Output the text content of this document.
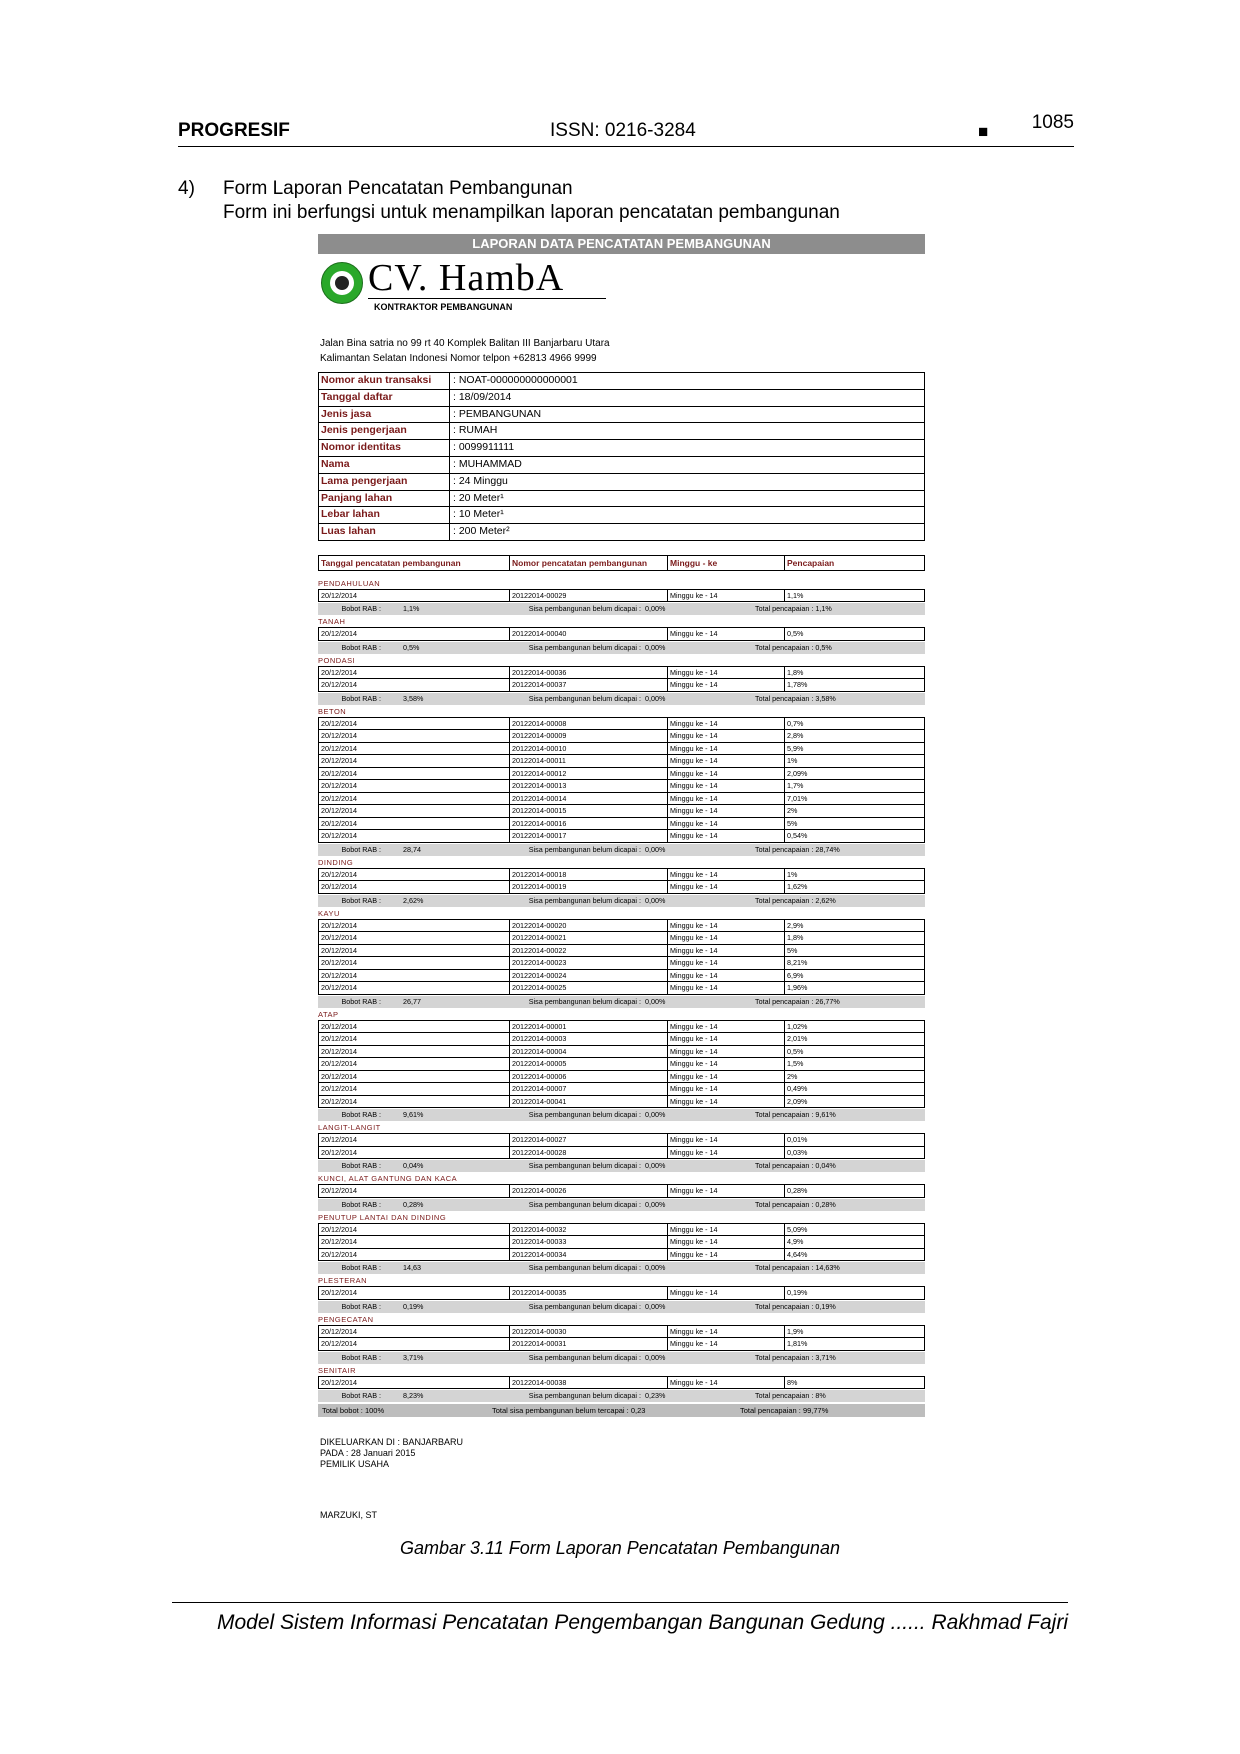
PROGRESIF	ISSN: 0216-3284	■ 1085
4) Form Laporan Pencatatan Pembangunan
Form ini berfungsi untuk menampilkan laporan pencatatan pembangunan
LAPORAN DATA PENCATATAN PEMBANGUNAN
CV. HambA
KONTRAKTOR PEMBANGUNAN
Jalan Bina satria no 99 rt 40 Komplek Balitan III Banjarbaru Utara
Kalimantan Selatan Indonesi Nomor telpon +62813 4966 9999
Nomor akun transaksi	: NOAT-000000000000001
Tanggal daftar	: 18/09/2014
Jenis jasa	: PEMBANGUNAN
Jenis pengerjaan	: RUMAH
Nomor identitas	: 0099911111
Nama	: MUHAMMAD
Lama pengerjaan	: 24 Minggu
Panjang lahan	: 20 Meter¹
Lebar lahan	: 10 Meter¹
Luas lahan	: 200 Meter²
Tanggal pencatatan pembangunan	Nomor pencatatan pembangunan	Minggu - ke	Pencapaian
PENDAHULUAN
20/12/2014	20122014-00029	Minggu ke - 14	1,1%
Bobot RAB :	1,1%	Sisa pembangunan belum dicapai : 0,00%	Total pencapaian : 1,1%
TANAH
20/12/2014	20122014-00040	Minggu ke - 14	0,5%
Bobot RAB :	0,5%	Sisa pembangunan belum dicapai : 0,00%	Total pencapaian : 0,5%
PONDASI
20/12/2014	20122014-00036	Minggu ke - 14	1,8%
20/12/2014	20122014-00037	Minggu ke - 14	1,78%
Bobot RAB :	3,58%	Sisa pembangunan belum dicapai : 0,00%	Total pencapaian : 3,58%
BETON
20/12/2014	20122014-00008	Minggu ke - 14	0,7%
20/12/2014	20122014-00009	Minggu ke - 14	2,8%
20/12/2014	20122014-00010	Minggu ke - 14	5,9%
20/12/2014	20122014-00011	Minggu ke - 14	1%
20/12/2014	20122014-00012	Minggu ke - 14	2,09%
20/12/2014	20122014-00013	Minggu ke - 14	1,7%
20/12/2014	20122014-00014	Minggu ke - 14	7,01%
20/12/2014	20122014-00015	Minggu ke - 14	2%
20/12/2014	20122014-00016	Minggu ke - 14	5%
20/12/2014	20122014-00017	Minggu ke - 14	0,54%
Bobot RAB :	28,74	Sisa pembangunan belum dicapai : 0,00%	Total pencapaian : 28,74%
DINDING
20/12/2014	20122014-00018	Minggu ke - 14	1%
20/12/2014	20122014-00019	Minggu ke - 14	1,62%
Bobot RAB :	2,62%	Sisa pembangunan belum dicapai : 0,00%	Total pencapaian : 2,62%
KAYU
20/12/2014	20122014-00020	Minggu ke - 14	2,9%
20/12/2014	20122014-00021	Minggu ke - 14	1,8%
20/12/2014	20122014-00022	Minggu ke - 14	5%
20/12/2014	20122014-00023	Minggu ke - 14	8,21%
20/12/2014	20122014-00024	Minggu ke - 14	6,9%
20/12/2014	20122014-00025	Minggu ke - 14	1,96%
Bobot RAB :	26,77	Sisa pembangunan belum dicapai : 0,00%	Total pencapaian : 26,77%
ATAP
20/12/2014	20122014-00001	Minggu ke - 14	1,02%
20/12/2014	20122014-00003	Minggu ke - 14	2,01%
20/12/2014	20122014-00004	Minggu ke - 14	0,5%
20/12/2014	20122014-00005	Minggu ke - 14	1,5%
20/12/2014	20122014-00006	Minggu ke - 14	2%
20/12/2014	20122014-00007	Minggu ke - 14	0,49%
20/12/2014	20122014-00041	Minggu ke - 14	2,09%
Bobot RAB :	9,61%	Sisa pembangunan belum dicapai : 0,00%	Total pencapaian : 9,61%
LANGIT-LANGIT
20/12/2014	20122014-00027	Minggu ke - 14	0,01%
20/12/2014	20122014-00028	Minggu ke - 14	0,03%
Bobot RAB :	0,04%	Sisa pembangunan belum dicapai : 0,00%	Total pencapaian : 0,04%
KUNCI, ALAT GANTUNG DAN KACA
20/12/2014	20122014-00026	Minggu ke - 14	0,28%
Bobot RAB :	0,28%	Sisa pembangunan belum dicapai : 0,00%	Total pencapaian : 0,28%
PENUTUP LANTAI DAN DINDING
20/12/2014	20122014-00032	Minggu ke - 14	5,09%
20/12/2014	20122014-00033	Minggu ke - 14	4,9%
20/12/2014	20122014-00034	Minggu ke - 14	4,64%
Bobot RAB :	14,63	Sisa pembangunan belum dicapai : 0,00%	Total pencapaian : 14,63%
PLESTERAN
20/12/2014	20122014-00035	Minggu ke - 14	0,19%
Bobot RAB :	0,19%	Sisa pembangunan belum dicapai : 0,00%	Total pencapaian : 0,19%
PENGECATAN
20/12/2014	20122014-00030	Minggu ke - 14	1,9%
20/12/2014	20122014-00031	Minggu ke - 14	1,81%
Bobot RAB :	3,71%	Sisa pembangunan belum dicapai : 0,00%	Total pencapaian : 3,71%
SENITAIR
20/12/2014	20122014-00038	Minggu ke - 14	8%
Bobot RAB :	8,23%	Sisa pembangunan belum dicapai : 0,23%	Total pencapaian : 8%
Total bobot : 100%	Total sisa pembangunan belum tercapai : 0,23	Total pencapaian : 99,77%
DIKELUARKAN DI : BANJARBARU
PADA : 28 Januari 2015
PEMILIK USAHA
MARZUKI, ST
Gambar 3.11 Form Laporan Pencatatan Pembangunan
Model Sistem Informasi Pencatatan Pengembangan Bangunan Gedung ...... Rakhmad Fajri
